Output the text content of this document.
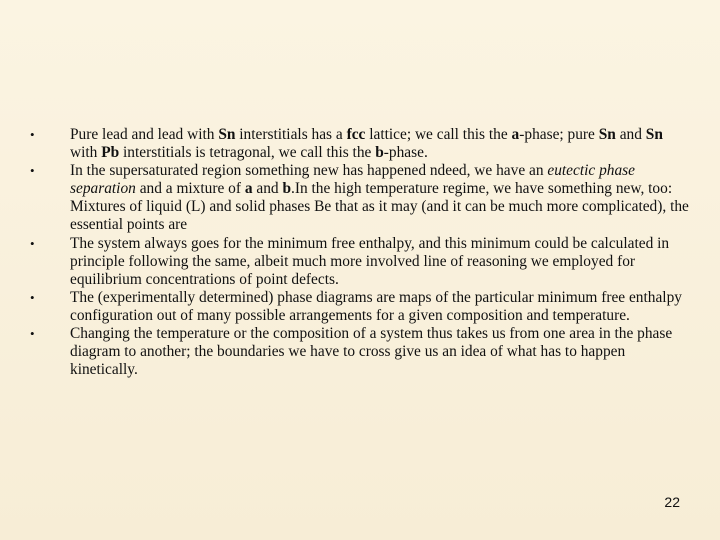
•	Pure lead and lead with Sn interstitials has a fcc lattice; we call this the a-phase; pure Sn and Sn with Pb interstitials is tetragonal, we call this the b-phase.
•	In the supersaturated region something new has happened ndeed, we have an eutectic phase separation and a mixture of a and b.In the high temperature regime, we have something new, too: Mixtures of liquid (L) and solid phases Be that as it may (and it can be much more complicated), the essential points are
•	The system always goes for the minimum free enthalpy, and this minimum could be calculated in principle following the same, albeit much more involved line of reasoning we employed for equilibrium concentrations of point defects.
•	The (experimentally determined) phase diagrams are maps of the particular minimum free enthalpy configuration out of many possible arrangements for a given composition and temperature.
•	Changing the temperature or the composition of a system thus takes us from one area in the phase diagram to another; the boundaries we have to cross give us an idea of what has to happen kinetically.
22
